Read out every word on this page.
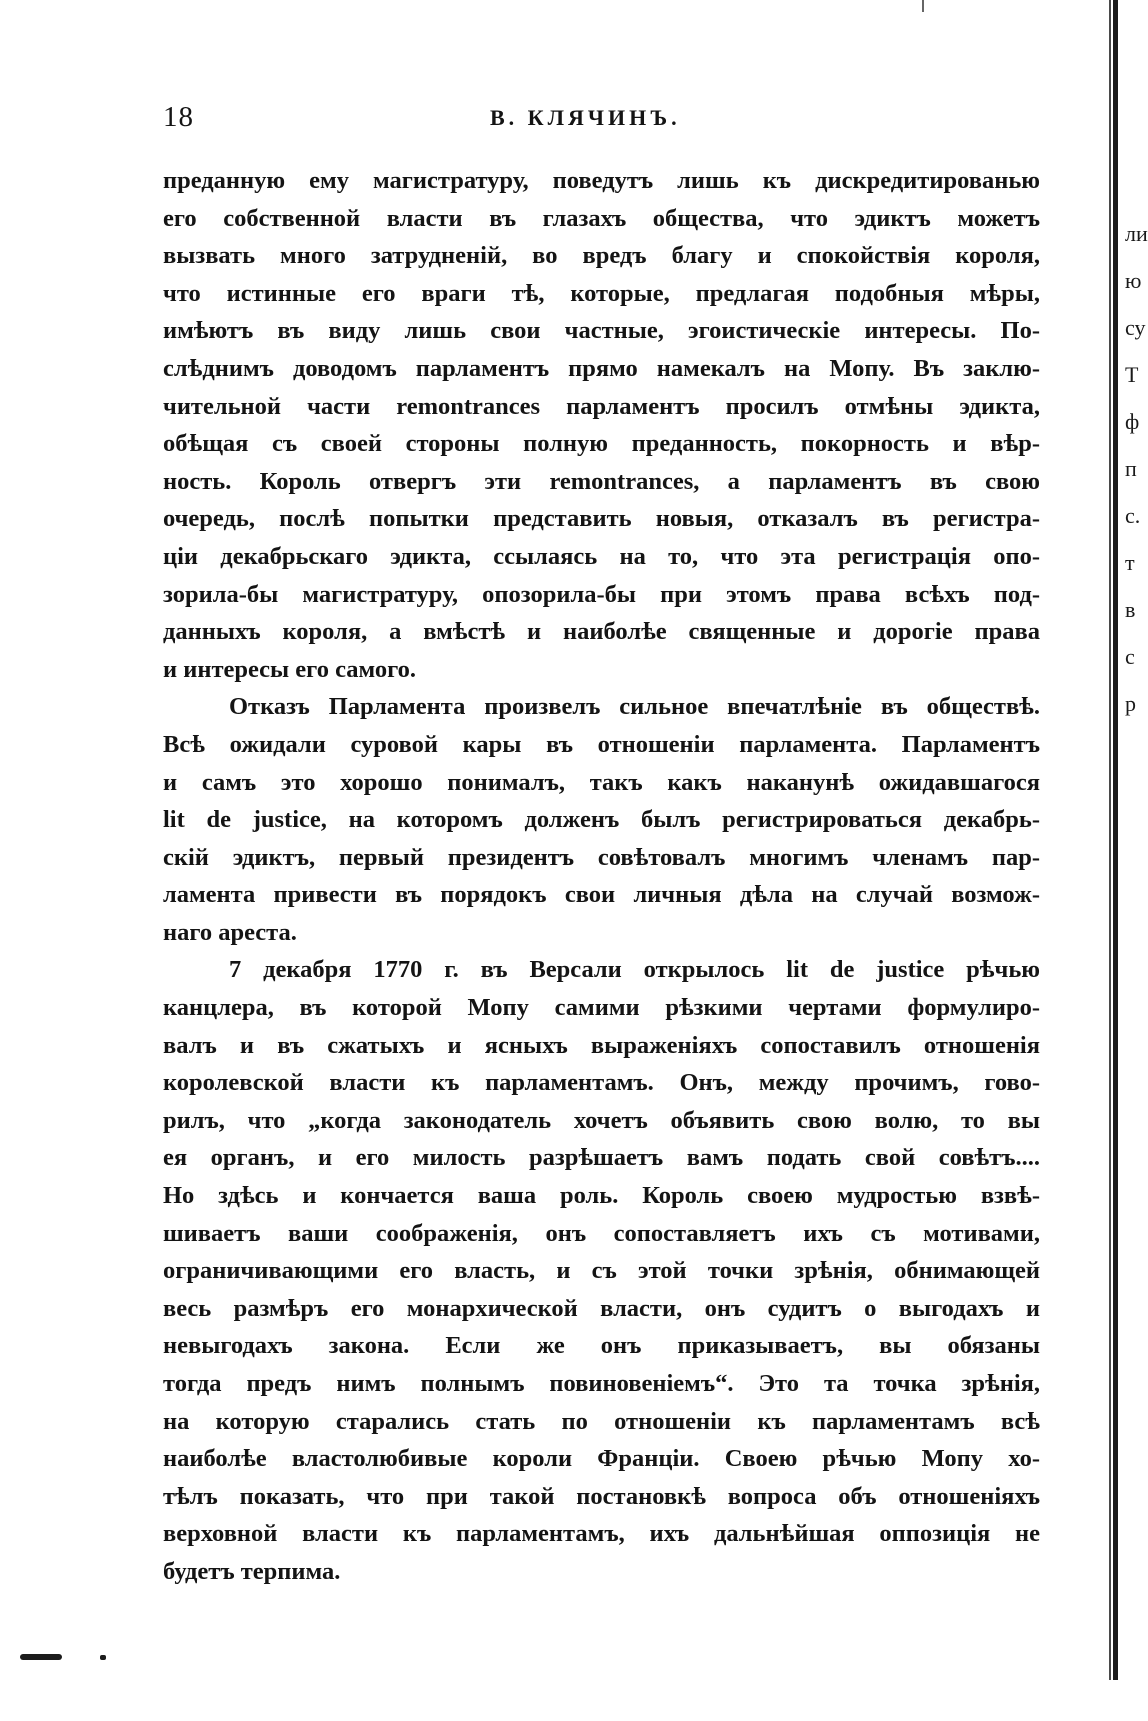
18	В. КЛЯЧИНЪ.
преданную ему магистратуру, поведутъ лишь къ дискредитированью
его собственной власти въ глазахъ общества, что эдиктъ можетъ
вызвать много затрудненій, во вредъ благу и спокойствія короля,
что истинные его враги тѣ, которые, предлагая подобныя мѣры,
имѣютъ въ виду лишь свои частные, эгоистическіе интересы. По-
слѣднимъ доводомъ парламентъ прямо намекалъ на Мопу. Въ заклю-
чительной части remontrances парламентъ просилъ отмѣны эдикта,
обѣщая съ своей стороны полную преданность, покорность и вѣр-
ность. Король отвергъ эти remontrances, а парламентъ въ свою
очередь, послѣ попытки представить новыя, отказалъ въ регистра-
ціи декабрьскаго эдикта, ссылаясь на то, что эта регистрація опо-
зорила-бы магистратуру, опозорила-бы при этомъ права всѣхъ под-
данныхъ короля, а вмѣстѣ и наиболѣе священные и дорогіе права
и интересы его самого.
Отказъ Парламента произвелъ сильное впечатлѣніе въ обществѣ.
Всѣ ожидали суровой кары въ отношеніи парламента. Парламентъ
и самъ это хорошо понималъ, такъ какъ наканунѣ ожидавшагося
lit de justice, на которомъ долженъ былъ регистрироваться декабрь-
скій эдиктъ, первый президентъ совѣтовалъ многимъ членамъ пар-
ламента привести въ порядокъ свои личныя дѣла на случай возмож-
наго ареста.
7 декабря 1770 г. въ Версали открылось lit de justice рѣчью
канцлера, въ которой Мопу самими рѣзкими чертами формулиро-
валъ и въ сжатыхъ и ясныхъ выраженіяхъ сопоставилъ отношенія
королевской власти къ парламентамъ. Онъ, между прочимъ, гово-
рилъ, что „когда законодатель хочетъ объявить свою волю, то вы
ея органъ, и его милость разрѣшаетъ вамъ подать свой совѣтъ....
Но здѣсь и кончается ваша роль. Король своею мудростью взвѣ-
шиваетъ ваши соображенія, онъ сопоставляетъ ихъ съ мотивами,
ограничивающими его власть, и съ этой точки зрѣнія, обнимающей
весь размѣръ его монархической власти, онъ судитъ о выгодахъ и
невыгодахъ закона. Если же онъ приказываетъ, вы обязаны
тогда предъ нимъ полнымъ повиновеніемъ“. Это та точка зрѣнія,
на которую старались стать по отношеніи къ парламентамъ всѣ
наиболѣе властолюбивые короли Франціи. Своею рѣчью Мопу хо-
тѣлъ показать, что при такой постановкѣ вопроса объ отношеніяхъ
верховной власти къ парламентамъ, ихъ дальнѣйшая оппозиція не
будетъ терпима.
ли
ю
су
Т
ф
п
с.
т
в
с
р
